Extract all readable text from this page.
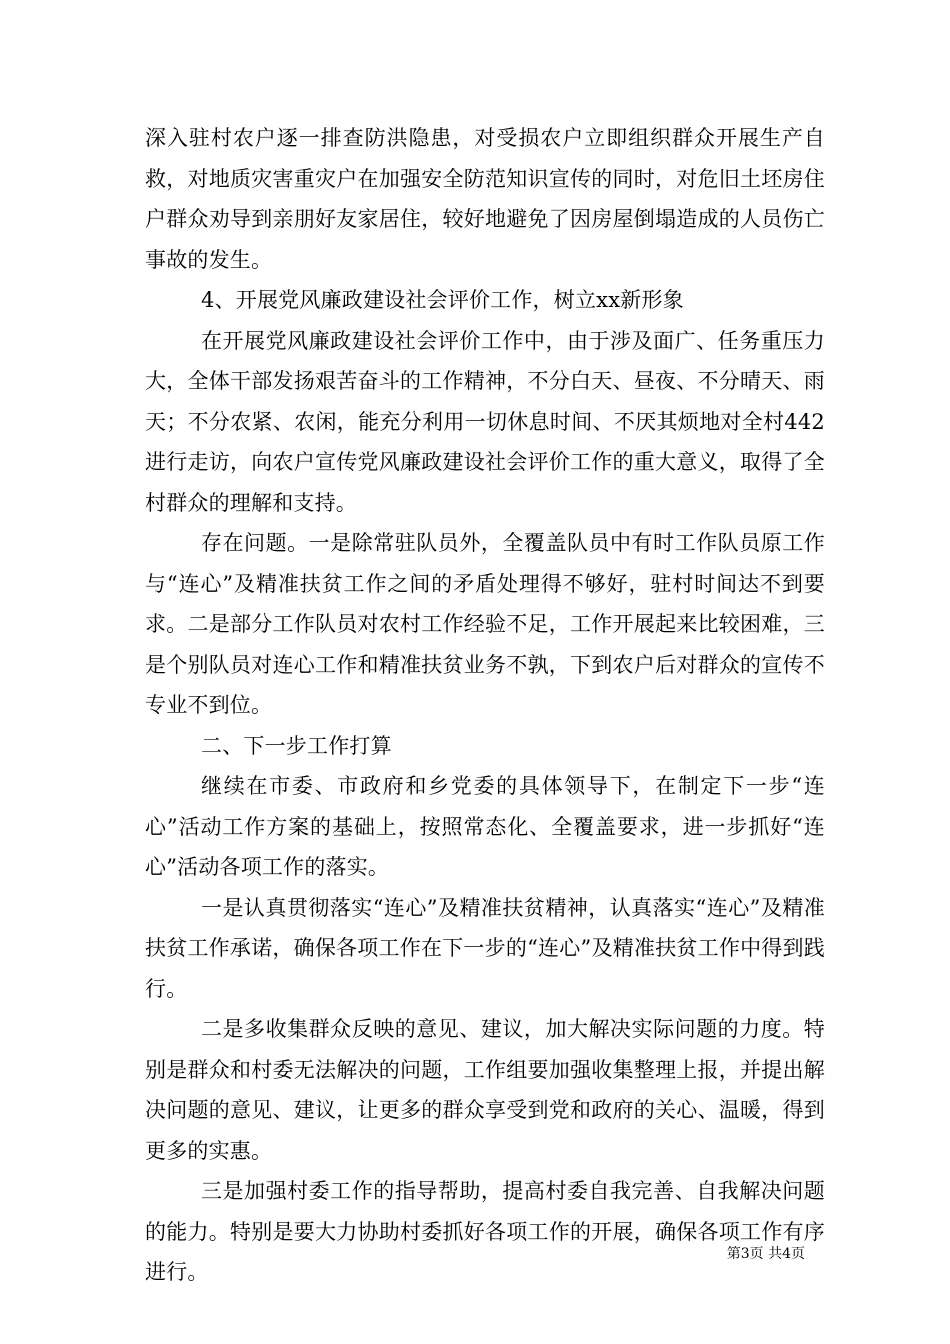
深入驻村农户逐一排查防洪隐患，对受损农户立即组织群众开展生产自救，对地质灾害重灾户在加强安全防范知识宣传的同时，对危旧土坯房住户群众劝导到亲朋好友家居住，较好地避免了因房屋倒塌造成的人员伤亡事故的发生。

4、开展党风廉政建设社会评价工作，树立xx新形象

在开展党风廉政建设社会评价工作中，由于涉及面广、任务重压力大，全体干部发扬艰苦奋斗的工作精神，不分白天、昼夜、不分晴天、雨天；不分农紧、农闲，能充分利用一切休息时间、不厌其烦地对全村442进行走访，向农户宣传党风廉政建设社会评价工作的重大意义，取得了全村群众的理解和支持。

存在问题。一是除常驻队员外，全覆盖队员中有时工作队员原工作与“连心”及精准扶贫工作之间的矛盾处理得不够好，驻村时间达不到要求。二是部分工作队员对农村工作经验不足，工作开展起来比较困难，三是个别队员对连心工作和精准扶贫业务不孰，下到农户后对群众的宣传不专业不到位。

二、下一步工作打算

继续在市委、市政府和乡党委的具体领导下，在制定下一步“连心”活动工作方案的基础上，按照常态化、全覆盖要求，进一步抓好“连心”活动各项工作的落实。

一是认真贯彻落实“连心”及精准扶贫精神，认真落实“连心”及精准扶贫工作承诺，确保各项工作在下一步的“连心”及精准扶贫工作中得到践行。

二是多收集群众反映的意见、建议，加大解决实际问题的力度。特别是群众和村委无法解决的问题，工作组要加强收集整理上报，并提出解决问题的意见、建议，让更多的群众享受到党和政府的关心、温暖，得到更多的实惠。

三是加强村委工作的指导帮助，提高村委自我完善、自我解决问题的能力。特别是要大力协助村委抓好各项工作的开展，确保各项工作有序进行。

第3页 共4页
